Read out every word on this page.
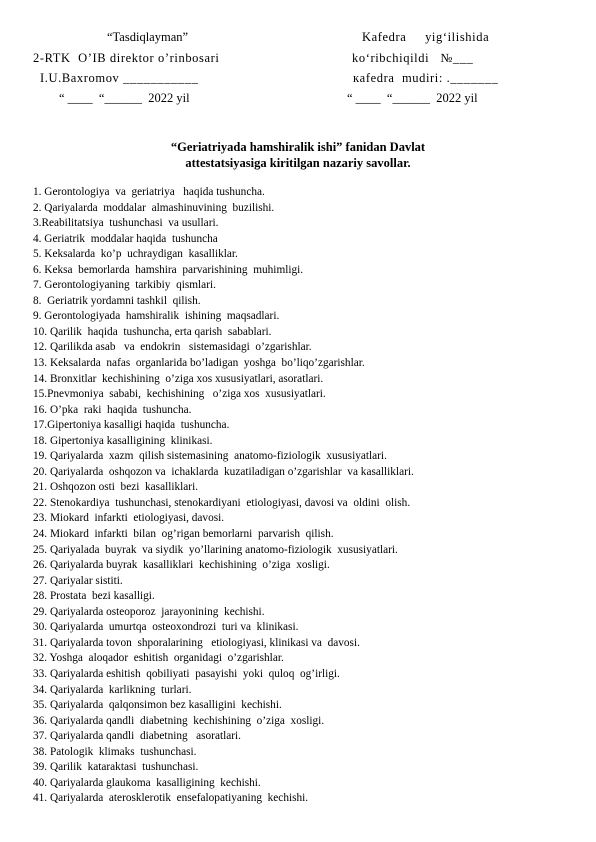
“Tasdiqlayman”
2-RTK  O’IB direktor o’rinbosari
I.U.Baxromov ___________
“ ____  “______  2022 yil
Kafedra     yig‘ilishida
ko‘ribchiqildi   №___
кafedra  mudiri: ._______
“ ____  “______  2022 yil
“Geriatriyada hamshiralik ishi” fanidan Davlat
attestatsiyasiga kiritilgan nazariy savollar.
1. Gerontologiya  va  geriatriya   haqida tushuncha.
2. Qariyalarda  moddalar  almashinuvining  buzilishi.
3.Reabilitatsiya  tushunchasi  va usullari.
4. Geriatrik  moddalar haqida  tushuncha
5. Keksalarda  ko’p  uchraydigan  kasalliklar.
6. Keksa  bemorlarda  hamshira  parvarishining  muhimligi.
7. Gerontologiyaning  tarkibiy  qismlari.
8.  Geriatrik yordamni tashkil  qilish.
9. Gerontologiyada  hamshiralik  ishining  maqsadlari.
10. Qarilik  haqida  tushuncha, erta qarish  sabablari.
12. Qarilikda asab   va  endokrin   sistemasidagi  o’zgarishlar.
13. Keksalarda  nafas  organlarida bo’ladigan  yoshga  bo’liqo’zgarishlar.
14. Bronxitlar  kechishining  o’ziga xos xususiyatlari, asoratlari.
15.Pnevmoniya  sababi,  kechishining   o’ziga xos  xususiyatlari.
16. O’pka  raki  haqida  tushuncha.
17.Gipertoniya kasalligi haqida  tushuncha.
18. Gipertoniya kasalligining  klinikasi.
19. Qariyalarda  xazm  qilish sistemasining  anatomo-fiziologik  xususiyatlari.
20. Qariyalarda  oshqozon va  ichaklarda  kuzatiladigan o’zgarishlar  va kasalliklari.
21. Oshqozon osti  bezi  kasalliklari.
22. Stenokardiya  tushunchasi, stenokardiyani  etiologiyasi, davosi va  oldini  olish.
23. Miokard  infarkti  etiologiyasi, davosi.
24. Miokard  infarkti  bilan  og’rigan bemorlarni  parvarish  qilish.
25. Qariyalada  buyrak  va siydik  yo’llarining anatomo-fiziologik  xususiyatlari.
26. Qariyalarda buyrak  kasalliklari  kechishining  o’ziga  xosligi.
27. Qariyalar sistiti.
28. Prostata  bezi kasalligi.
29. Qariyalarda osteoporoz  jarayonining  kechishi.
30. Qariyalarda  umurtqa  osteoxondrozi  turi va  klinikasi.
31. Qariyalarda tovon  shporalarining   etiologiyasi, klinikasi va  davosi.
32. Yoshga  aloqador  eshitish  organidagi  o’zgarishlar.
33. Qariyalarda eshitish  qobiliyati  pasayishi  yoki  quloq  og’irligi.
34. Qariyalarda  karlikning  turlari.
35. Qariyalarda  qalqonsimon bez kasalligini  kechishi.
36. Qariyalarda qandli  diabetning  kechishining  o’ziga  xosligi.
37. Qariyalarda qandli  diabetning   asoratlari.
38. Patologik  klimaks  tushunchasi.
39. Qarilik  kataraktasi  tushunchasi.
40. Qariyalarda glaukoma  kasalligining  kechishi.
41. Qariyalarda  aterosklerotik  ensefalopatiyaning  kechishi.
